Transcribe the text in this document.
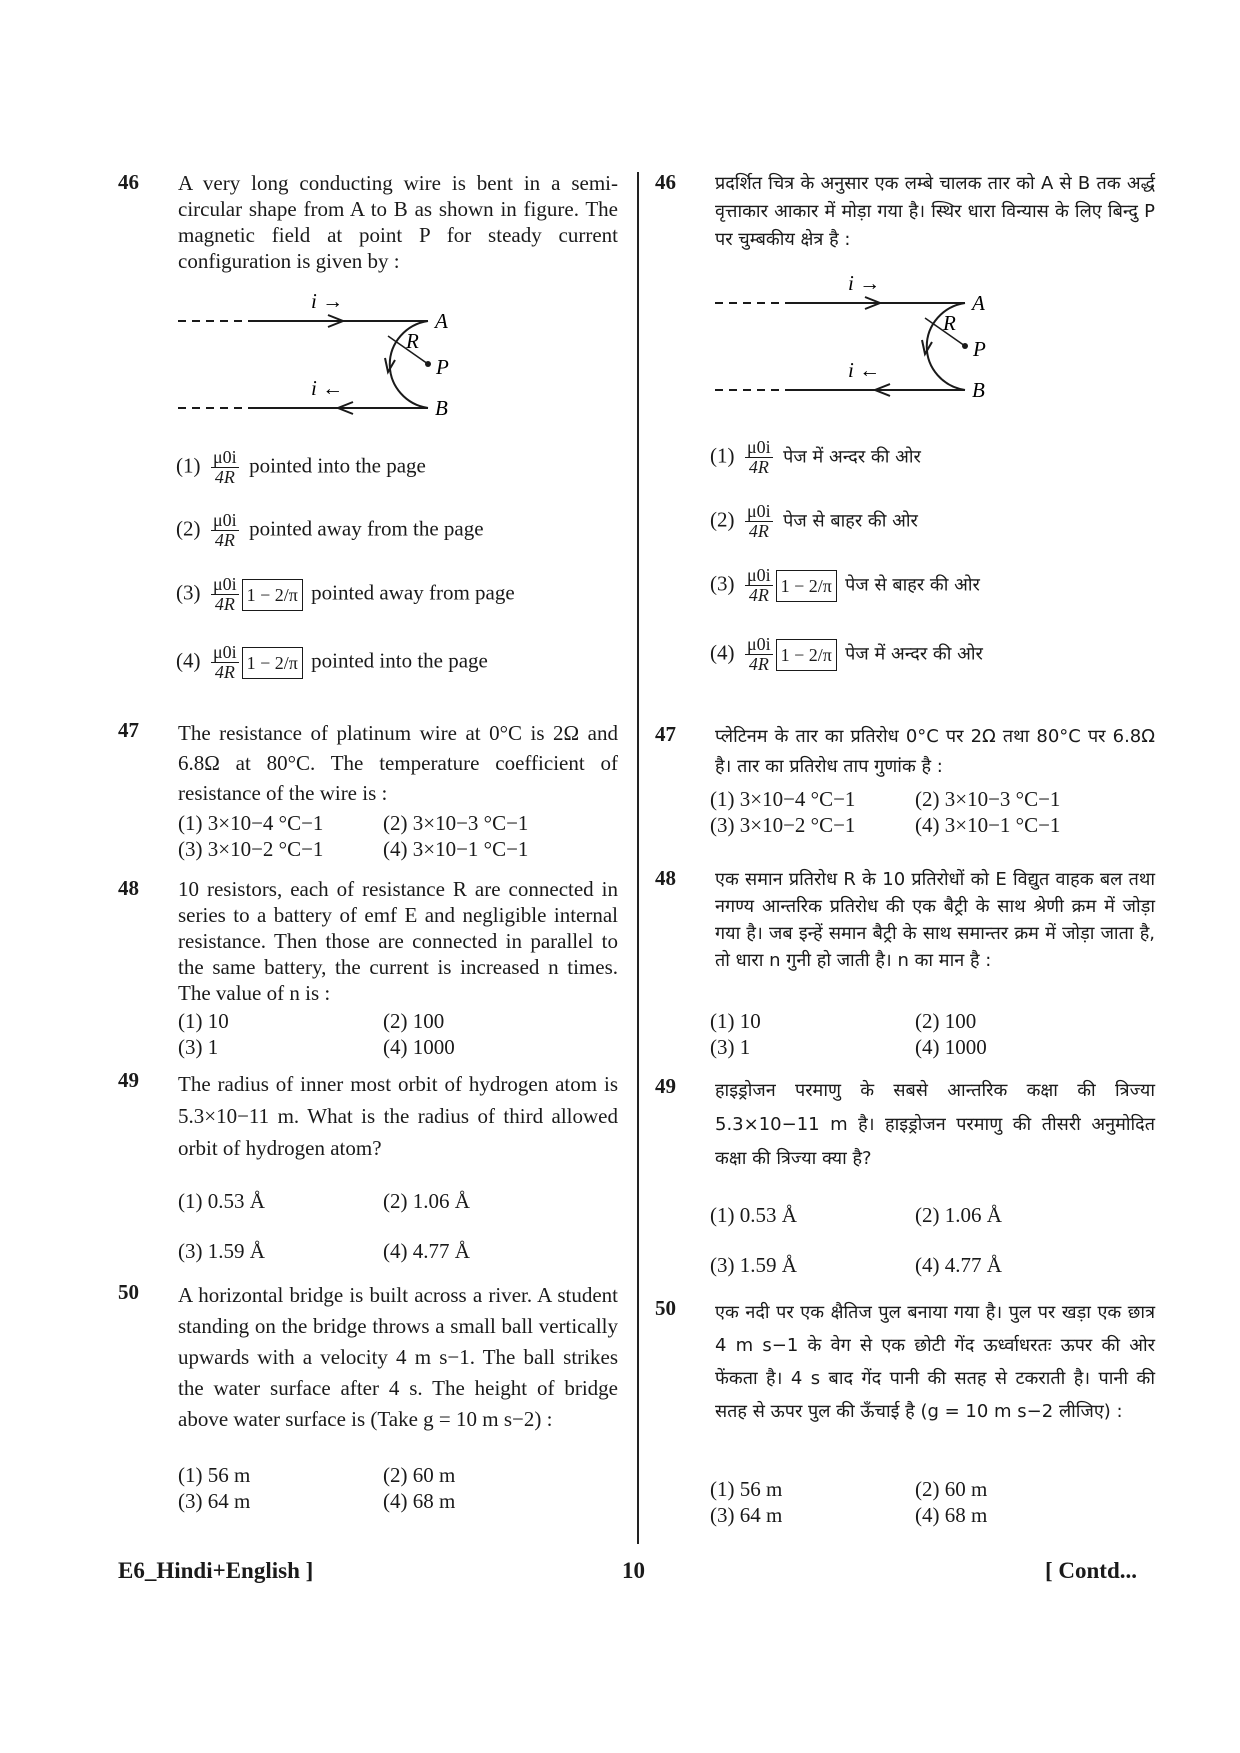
46 A very long conducting wire is bent in a semi-circular shape from A to B as shown in figure. The magnetic field at point P for steady current configuration is given by :
i →
i ←
A
B
R
P
$(1) \frac{\mu 0i}{4R}$ pointed into the page
$(2) \frac{\mu 0i}{4R}$ pointed away from the page
$(3) \frac{\mu 0i}{4R} 1 - 2/\pi$ pointed away from page
$(4) \frac{\mu 0i}{4R} 1 - 2/\pi$ pointed into the page
47 The resistance of platinum wire at 0°C is 2Ω and 6.8Ω at 80°C. The temperature coefficient of resistance of the wire is :
(1) 3×10−4 °C−1	(2) 3×10−3 °C−1
(3) 3×10−2 °C−1	(4) 3×10−1 °C−1
48 10 resistors, each of resistance R are connected in series to a battery of emf E and negligible internal resistance. Then those are connected in parallel to the same battery, the current is increased n times. The value of n is :
(1) 10	(2) 100
(3) 1	(4) 1000
49 The radius of inner most orbit of hydrogen atom is 5.3×10−11 m. What is the radius of third allowed orbit of hydrogen atom?
(1) 0.53 Å	(2) 1.06 Å
(3) 1.59 Å	(4) 4.77 Å
50 A horizontal bridge is built across a river. A student standing on the bridge throws a small ball vertically upwards with a velocity 4 m s−1. The ball strikes the water surface after 4 s. The height of bridge above water surface is (Take g = 10 m s−2) :
(1) 56 m	(2) 60 m
(3) 64 m	(4) 68 m
46 प्रदर्शित चित्र के अनुसार एक लम्बे चालक तार को A से B तक अर्द्ध वृत्ताकार आकार में मोड़ा गया है। स्थिर धारा विन्यास के लिए बिन्दु P पर चुम्बकीय क्षेत्र है :
i →
i ←
A
B
R
P
$(1) \frac{\mu 0i}{4R}$ पेज में अन्दर की ओर
$(2) \frac{\mu 0i}{4R}$ पेज से बाहर की ओर
$(3) \frac{\mu 0i}{4R} 1 - 2/\pi$ पेज से बाहर की ओर
$(4) \frac{\mu 0i}{4R} 1 - 2/\pi$ पेज में अन्दर की ओर
47 प्लेटिनम के तार का प्रतिरोध 0°C पर 2Ω तथा 80°C पर 6.8Ω है। तार का प्रतिरोध ताप गुणांक है :
(1) 3×10−4 °C−1	(2) 3×10−3 °C−1
(3) 3×10−2 °C−1	(4) 3×10−1 °C−1
48 एक समान प्रतिरोध R के 10 प्रतिरोधों को E विद्युत वाहक बल तथा नगण्य आन्तरिक प्रतिरोध की एक बैट्री के साथ श्रेणी क्रम में जोड़ा गया है। जब इन्हें समान बैट्री के साथ समान्तर क्रम में जोड़ा जाता है, तो धारा n गुनी हो जाती है। n का मान है :
(1) 10	(2) 100
(3) 1	(4) 1000
49 हाइड्रोजन परमाणु के सबसे आन्तरिक कक्षा की त्रिज्या 5.3×10−11 m है। हाइड्रोजन परमाणु की तीसरी अनुमोदित कक्षा की त्रिज्या क्या है?
(1) 0.53 Å	(2) 1.06 Å
(3) 1.59 Å	(4) 4.77 Å
50 एक नदी पर एक क्षैतिज पुल बनाया गया है। पुल पर खड़ा एक छात्र 4 m s−1 के वेग से एक छोटी गेंद ऊर्ध्वाधरतः ऊपर की ओर फेंकता है। 4 s बाद गेंद पानी की सतह से टकराती है। पानी की सतह से ऊपर पुल की ऊँचाई है (g = 10 m s−2 लीजिए) :
(1) 56 m	(2) 60 m
(3) 64 m	(4) 68 m
E6_Hindi+English ]	10	[ Contd...
